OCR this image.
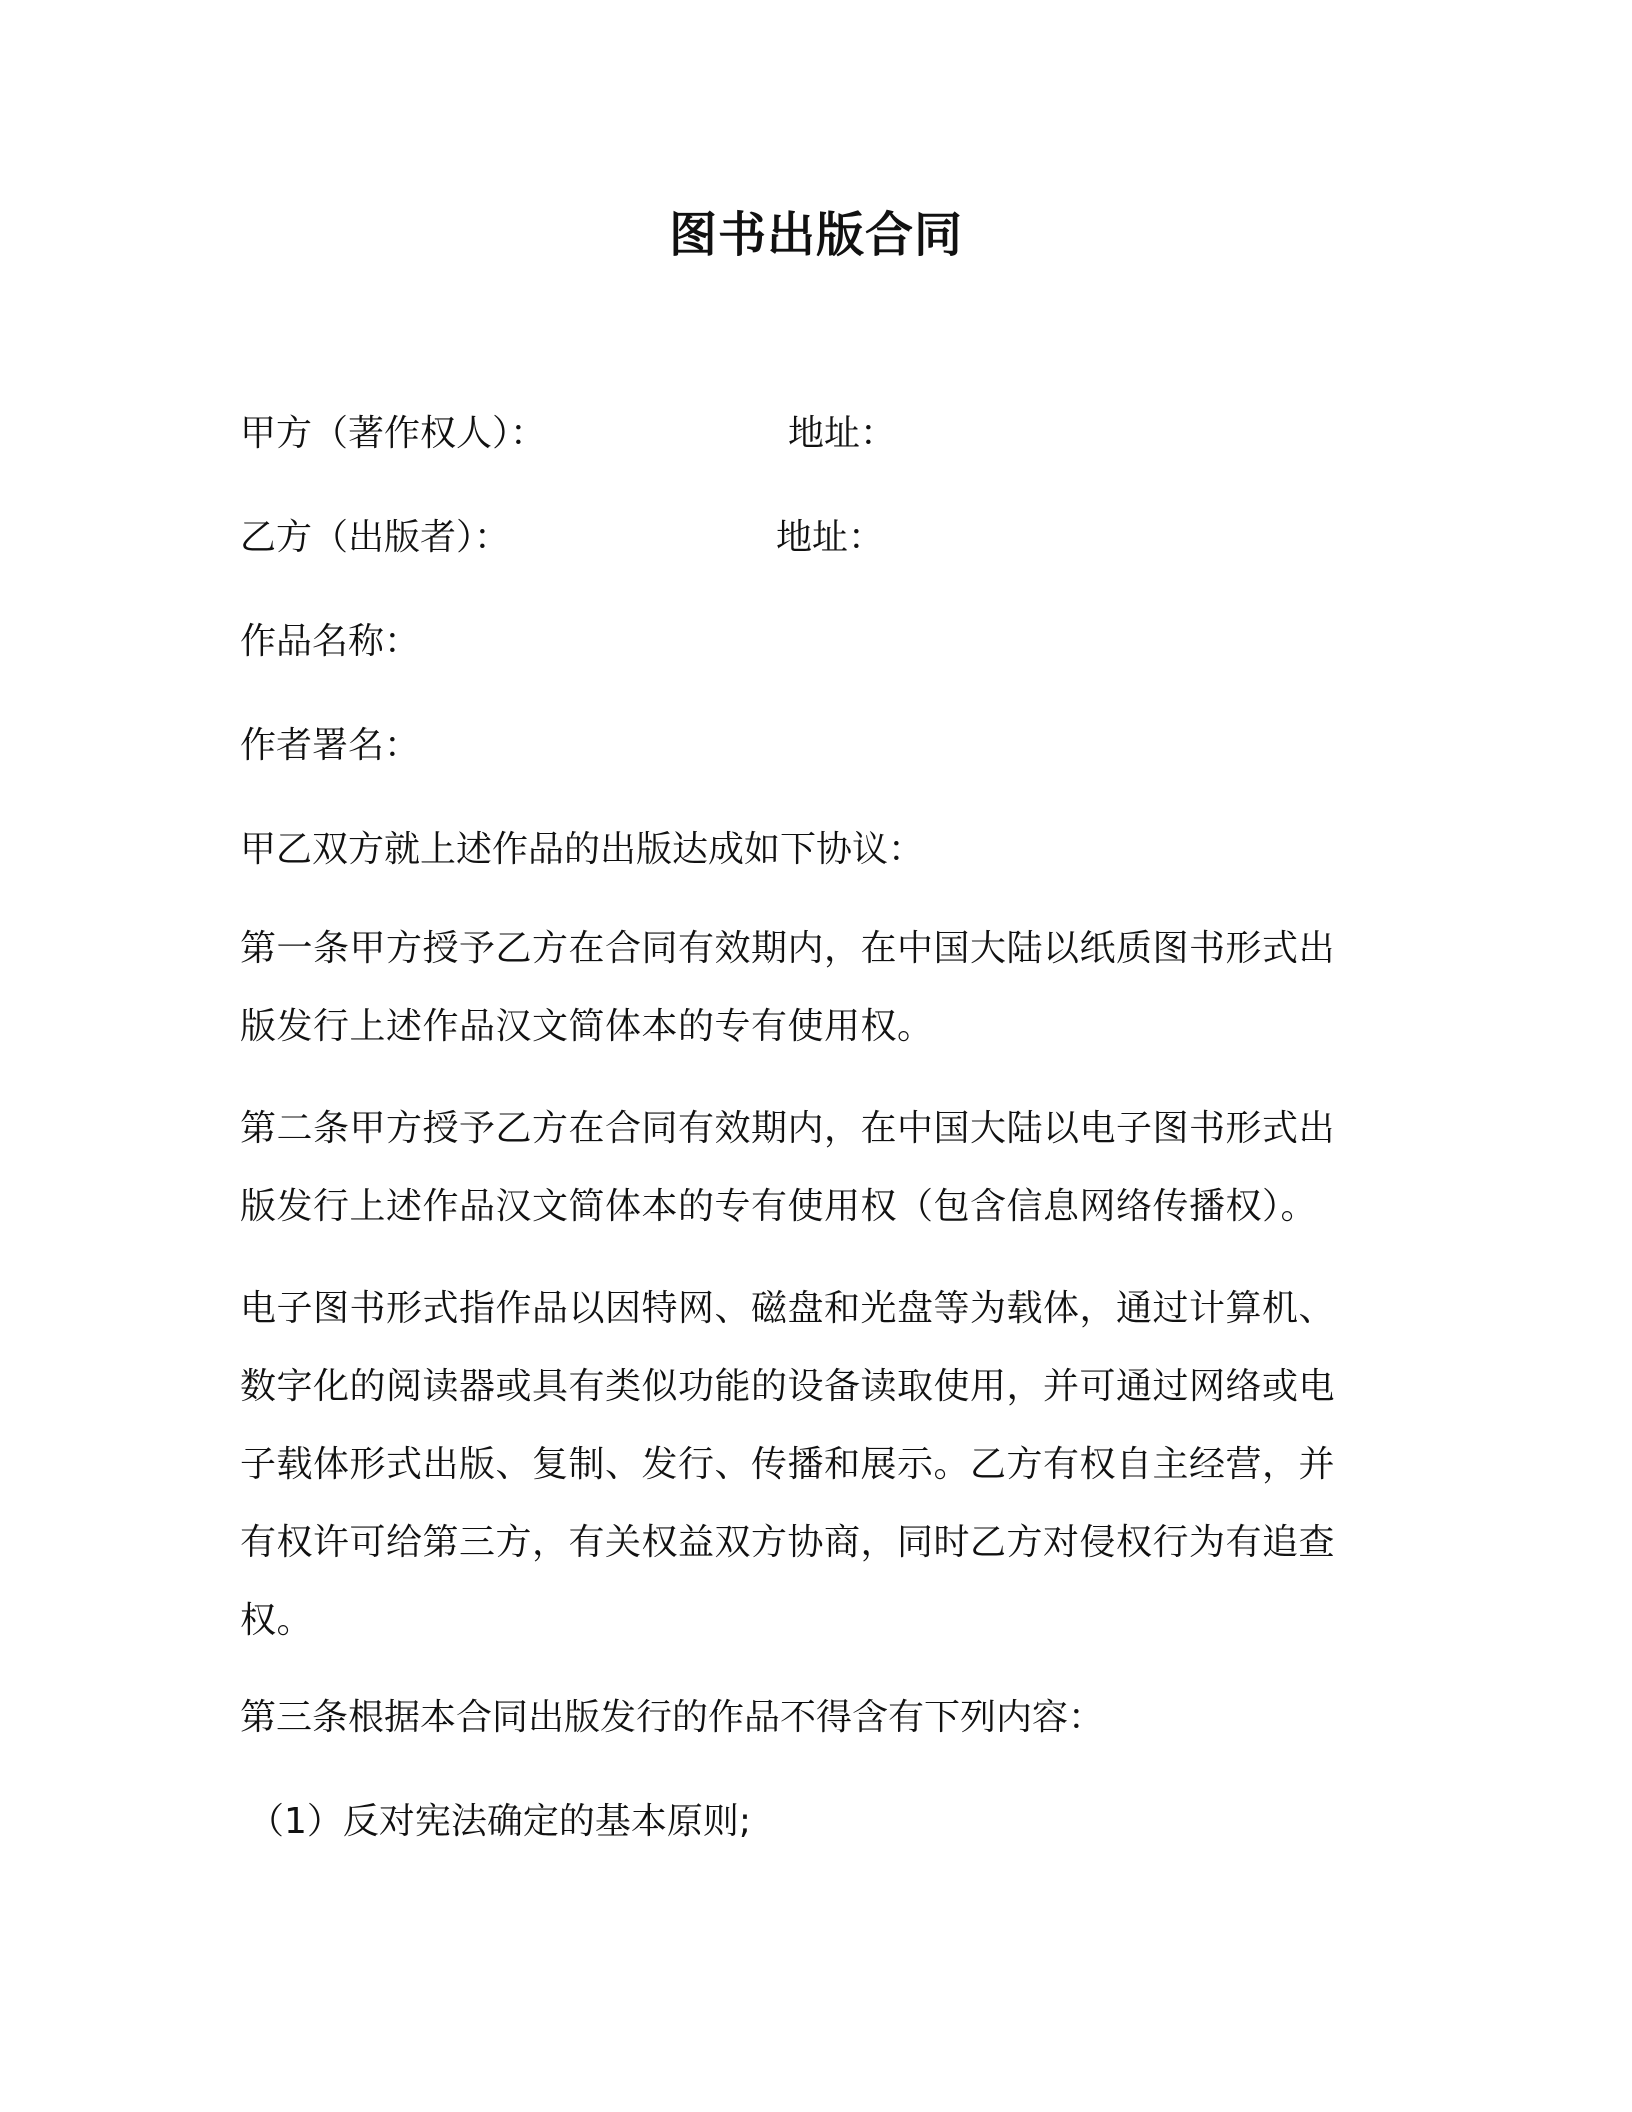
图书出版合同
甲方（著作权人）：	地址：
乙方（出版者）：	地址：
作品名称：
作者署名：
甲乙双方就上述作品的出版达成如下协议：

第一条甲方授予乙方在合同有效期内，在中国大陆以纸质图书形式出
版发行上述作品汉文简体本的专有使用权。

第二条甲方授予乙方在合同有效期内，在中国大陆以电子图书形式出
版发行上述作品汉文简体本的专有使用权（包含信息网络传播权）。

电子图书形式指作品以因特网、磁盘和光盘等为载体，通过计算机、
数字化的阅读器或具有类似功能的设备读取使用，并可通过网络或电
子载体形式出版、复制、发行、传播和展示。乙方有权自主经营，并
有权许可给第三方，有关权益双方协商，同时乙方对侵权行为有追查
权。

第三条根据本合同出版发行的作品不得含有下列内容：
（1）反对宪法确定的基本原则;
